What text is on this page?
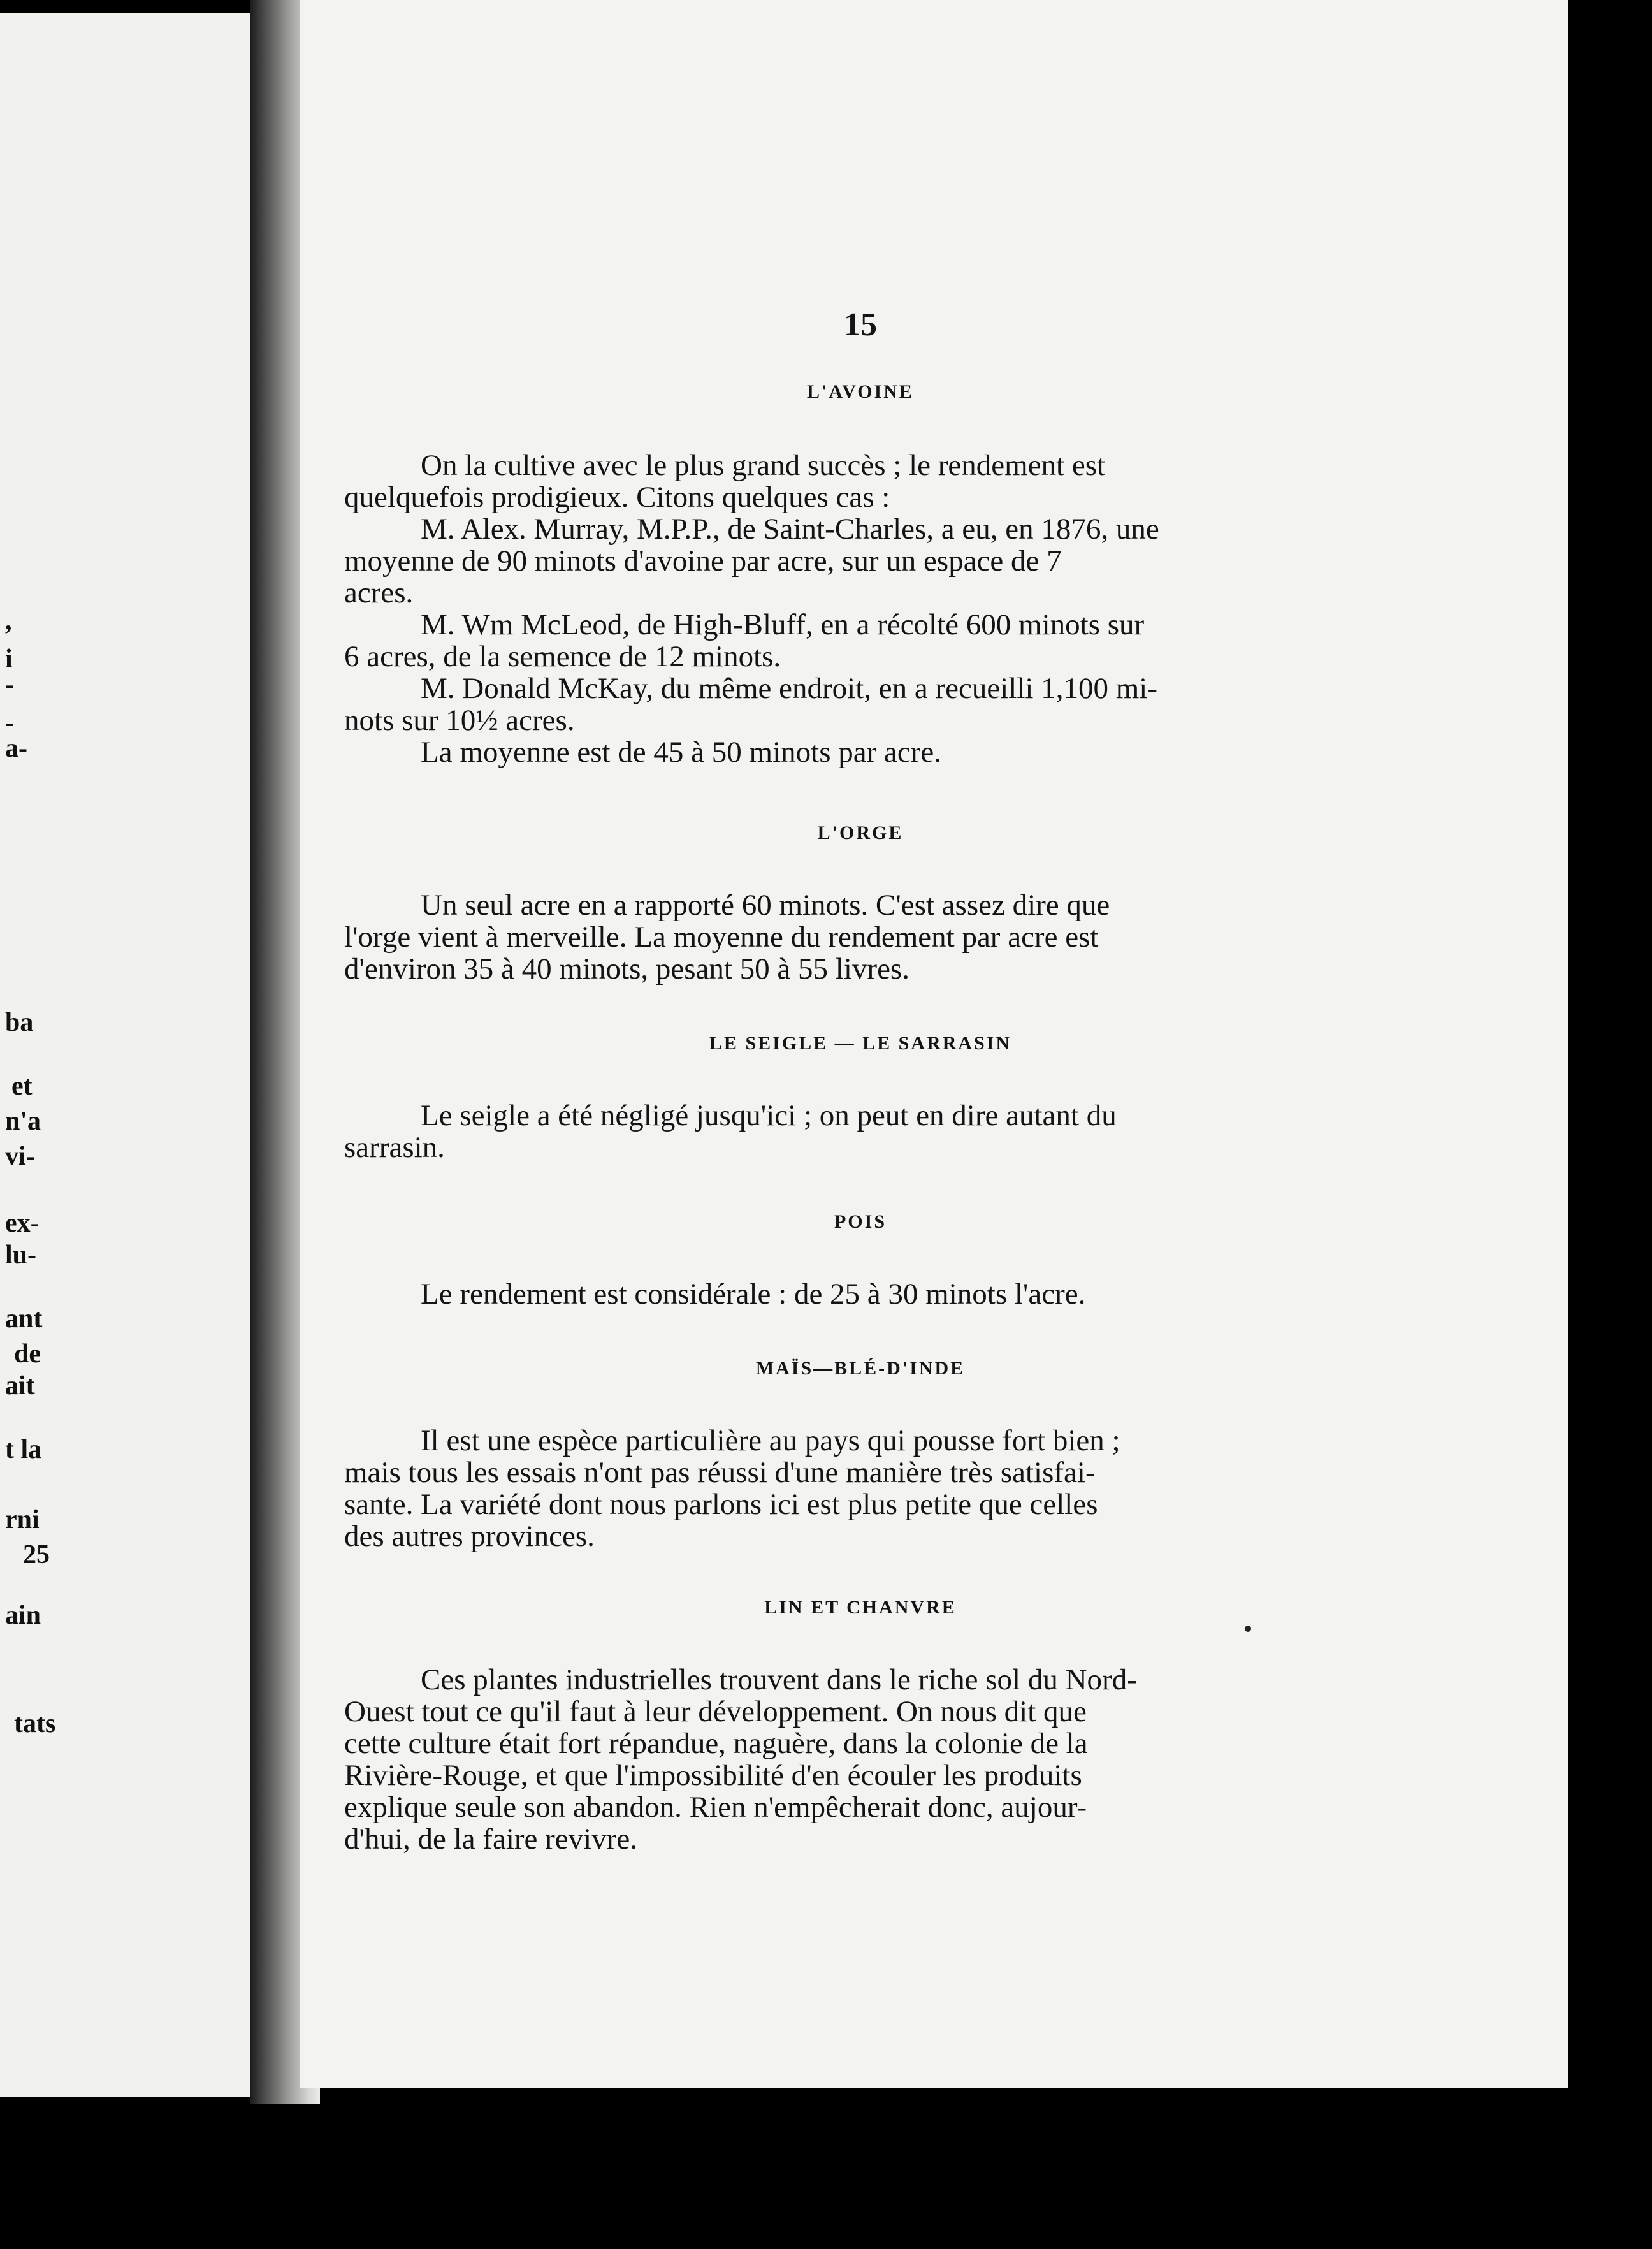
,
i
-
-
a-
ba
et
n'a
vi-
ex-
lu-
ant
de
ait
t la
rni
25
ain
tats
15
L'AVOINE
On la cultive avec le plus grand succès ; le rendement est
quelquefois prodigieux. Citons quelques cas :
M. Alex. Murray, M.P.P., de Saint-Charles, a eu, en 1876, une
moyenne de 90 minots d'avoine par acre, sur un espace de 7
acres.
M. Wm McLeod, de High-Bluff, en a récolté 600 minots sur
6 acres, de la semence de 12 minots.
M. Donald McKay, du même endroit, en a recueilli 1,100 mi-
nots sur 10½ acres.
La moyenne est de 45 à 50 minots par acre.
L'ORGE
Un seul acre en a rapporté 60 minots. C'est assez dire que
l'orge vient à merveille. La moyenne du rendement par acre est
d'environ 35 à 40 minots, pesant 50 à 55 livres.
LE SEIGLE — LE SARRASIN
Le seigle a été négligé jusqu'ici ; on peut en dire autant du
sarrasin.
POIS
Le rendement est considérale : de 25 à 30 minots l'acre.
MAÏS—BLÉ-D'INDE
Il est une espèce particulière au pays qui pousse fort bien ;
mais tous les essais n'ont pas réussi d'une manière très satisfai-
sante. La variété dont nous parlons ici est plus petite que celles
des autres provinces.
LIN ET CHANVRE
Ces plantes industrielles trouvent dans le riche sol du Nord-
Ouest tout ce qu'il faut à leur développement. On nous dit que
cette culture était fort répandue, naguère, dans la colonie de la
Rivière-Rouge, et que l'impossibilité d'en écouler les produits
explique seule son abandon. Rien n'empêcherait donc, aujour-
d'hui, de la faire revivre.
